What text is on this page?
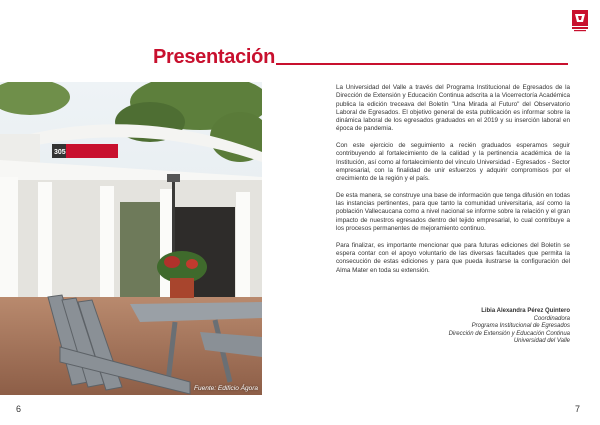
Presentación
305
Fuente: Edificio Ágora

La Universidad del Valle a través del Programa Institucional de Egresados de la Dirección de Extensión y Educación Continua adscrita a la Vicerrectoría Académica publica la edición treceava del Boletín "Una Mirada al Futuro" del Observatorio Laboral de Egresados. El objetivo general de esta publicación es informar sobre la dinámica laboral de los egresados graduados en el 2019 y su inserción laboral en época de pandemia.

Con este ejercicio de seguimiento a recién graduados esperamos seguir contribuyendo al fortalecimiento de la calidad y la pertinencia académica de la Institución, así como al fortalecimiento del vínculo Universidad - Egresados - Sector empresarial, con la finalidad de unir esfuerzos y adquirir compromisos por el crecimiento de la región y el país.

De esta manera, se construye una base de información que tenga difusión en todas las instancias pertinentes, para que tanto la comunidad universitaria, así como la población Vallecaucana como a nivel nacional se informe sobre la relación y el gran impacto de nuestros egresados dentro del tejido empresarial, lo cual contribuye a los procesos permanentes de mejoramiento continuo.

Para finalizar, es importante mencionar que para futuras ediciones del Boletín se espera contar con el apoyo voluntario de las diversas facultades que permita la consecución de estas ediciones y para que pueda ilustrarse la configuración del Alma Mater en toda su extensión.

Libia Alexandra Pérez Quintero
Coordinadora
Programa Institucional de Egresados
Dirección de Extensión y Educación Continua
Universidad del Valle
6	7
